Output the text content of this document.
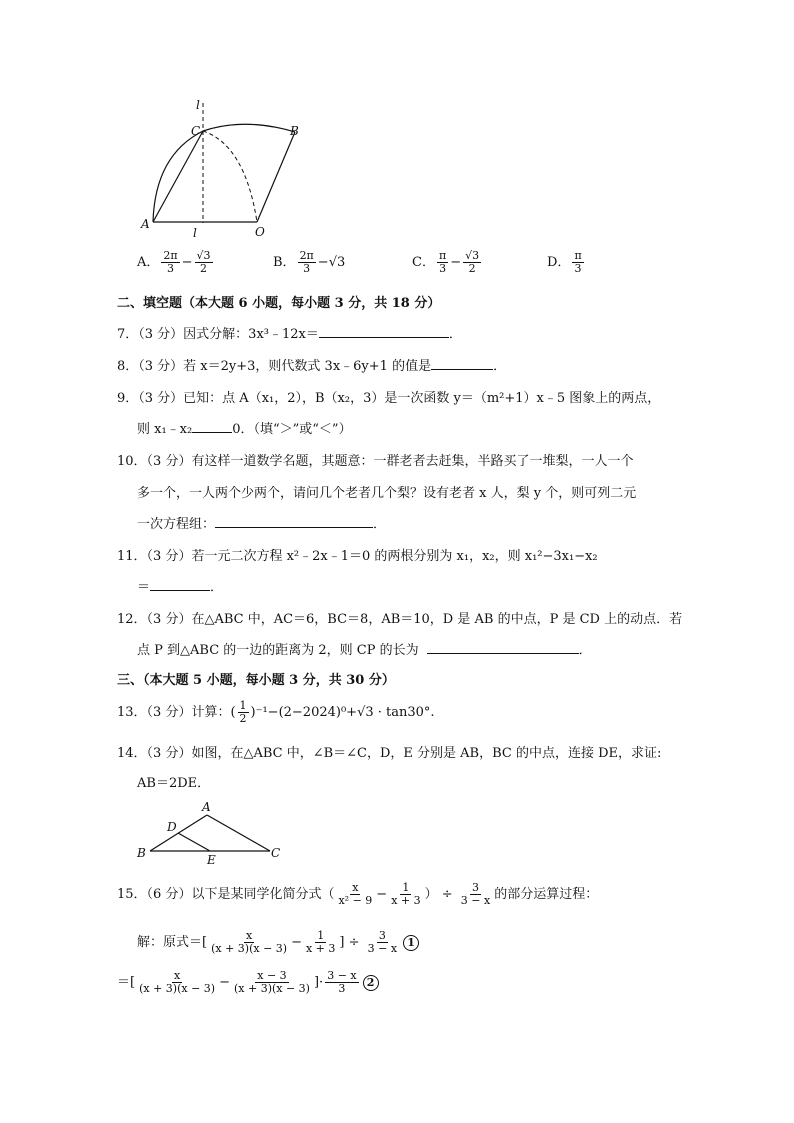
l
C	B
A
l	O
A． $\frac{2\pi}{3} - \frac{√3}{2}$	B． $\frac{2\pi}{3} -√3$	C． $\frac{\pi}{3} - \frac{√3}{2}$	D． $\frac{\pi}{3}$
二、填空题（本大题 6 小题，每小题 3 分，共 18 分）
7．（3 分）因式分解：3x³﹣12x＝	．
8．（3 分）若 x＝2y+3，则代数式 3x﹣6y+1 的值是	．
9．（3 分）已知：点 A（x₁，2），B（x₂，3）是一次函数 y＝（m²+1）x﹣5 图象上的两点，
则 x₁﹣x₂	0．（填“＞”或“＜”）
10．（3 分）有这样一道数学名题，其题意：一群老者去赶集，半路买了一堆梨，一人一个
多一个，一人两个少两个，请问几个老者几个梨？设有老者 x 人，梨 y 个，则可列二元
一次方程组：	．
11．（3 分）若一元二次方程 x²﹣2x﹣1＝0 的两根分别为 x₁，x₂，则 x₁²−3x₁−x₂
＝	．
12．（3 分）在△ABC 中，AC＝6，BC＝8，AB＝10，D 是 AB 的中点，P 是 CD 上的动点．若
点 P 到△ABC 的一边的距离为 2，则 CP 的长为	．
三、（本大题 5 小题，每小题 3 分，共 30 分）
13．（3 分）计算：( $\frac{1}{2} )^{-1}-(2-2024)^0+√3 \cdot \tan 30^\circ$.
14．（3 分）如图，在△ABC 中，∠B＝∠C，D，E 分别是 AB，BC 的中点，连接 DE，求证:
AB＝2DE．
A
D
B	E	C
15．（6 分）以下是某同学化简分式（ $\frac{x}{\text{x² − 9}} - \frac{1}{x + 3}$ ） ÷ $\frac{3}{3 - x}$ 的部分运算过程：
解：原式＝[ $\frac{x}{(x + 3)(x - 3)} - \frac{1}{x + 3}$ ] ÷ $\frac{3}{3 - x} 1$
＝[ $\frac{x}{(x + 3)(x - 3)} - \frac{x - 3}{(x + 3)(x - 3)}$ ]· $\frac{3 - x}{3} 2$
